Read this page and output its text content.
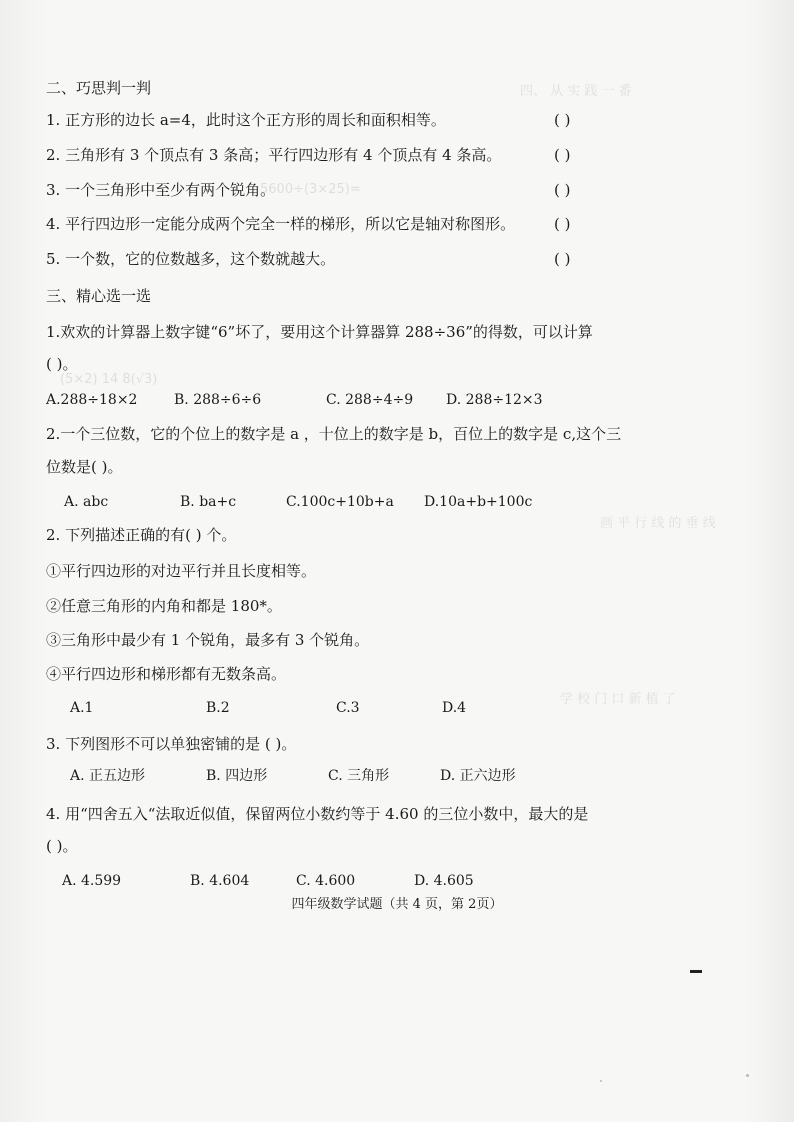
四、 从 实 践 一 番
5600÷(3×25)=
(5×2) 14 8(√3)
画 平 行 线 的 垂 线
学 校 门 口 新 植 了
二、巧思判一判
1. 正方形的边长 a=4，此时这个正方形的周长和面积相等。	( )
2. 三角形有 3 个顶点有 3 条高；平行四边形有 4 个顶点有 4 条高。	( )
3. 一个三角形中至少有两个锐角。	( )
4. 平行四边形一定能分成两个完全一样的梯形，所以它是轴对称图形。	( )
5. 一个数，它的位数越多，这个数就越大。	( )
三、精心选一选
1.欢欢的计算器上数字键“6”坏了，要用这个计算器算 288÷36”的得数，可以计算
( )。
A.288÷18×2	B. 288÷6÷6	C. 288÷4÷9 D. 288÷12×3
2.一个三位数，它的个位上的数字是 a ，十位上的数字是 b，百位上的数字是 c,这个三
位数是( )。
A. abc	B. ba+c	C.100c+10b+a D.10a+b+100c
2. 下列描述正确的有( ) 个。
①平行四边形的对边平行并且长度相等。
②任意三角形的内角和都是 180*。
③三角形中最少有 1 个锐角，最多有 3 个锐角。
④平行四边形和梯形都有无数条高。
A.1	B.2	C.3	D.4
3. 下列图形不可以单独密铺的是 ( )。
A. 正五边形	B. 四边形	C. 三角形	D. 正六边形
4. 用“四舍五入“法取近似值，保留两位小数约等于 4.60 的三位小数中，最大的是
( )。
A. 4.599	B. 4.604	C. 4.600	D. 4.605
四年级数学试题（共 4 页，第 2页）
